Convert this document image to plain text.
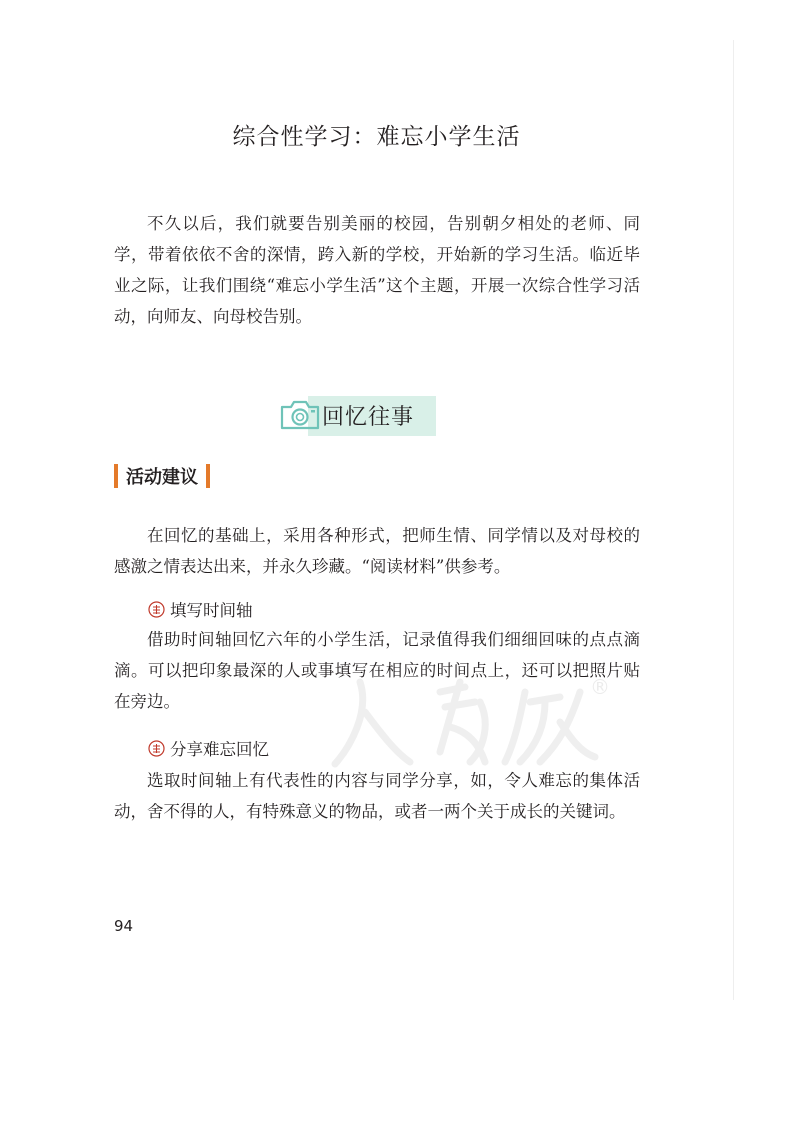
综合性学习：难忘小学生活

不久以后，我们就要告别美丽的校园，告别朝夕相处的老师、同学，带着依依不舍的深情，跨入新的学校，开始新的学习生活。临近毕业之际，让我们围绕“难忘小学生活”这个主题，开展一次综合性学习活动，向师友、向母校告别。

回忆往事
活动建议

在回忆的基础上，采用各种形式，把师生情、同学情以及对母校的感激之情表达出来，并永久珍藏。“阅读材料”供参考。

填写时间轴

借助时间轴回忆六年的小学生活，记录值得我们细细回味的点点滴滴。可以把印象最深的人或事填写在相应的时间点上，还可以把照片贴在旁边。

分享难忘回忆

选取时间轴上有代表性的内容与同学分享，如，令人难忘的集体活动，舍不得的人，有特殊意义的物品，或者一两个关于成长的关键词。

®
94
